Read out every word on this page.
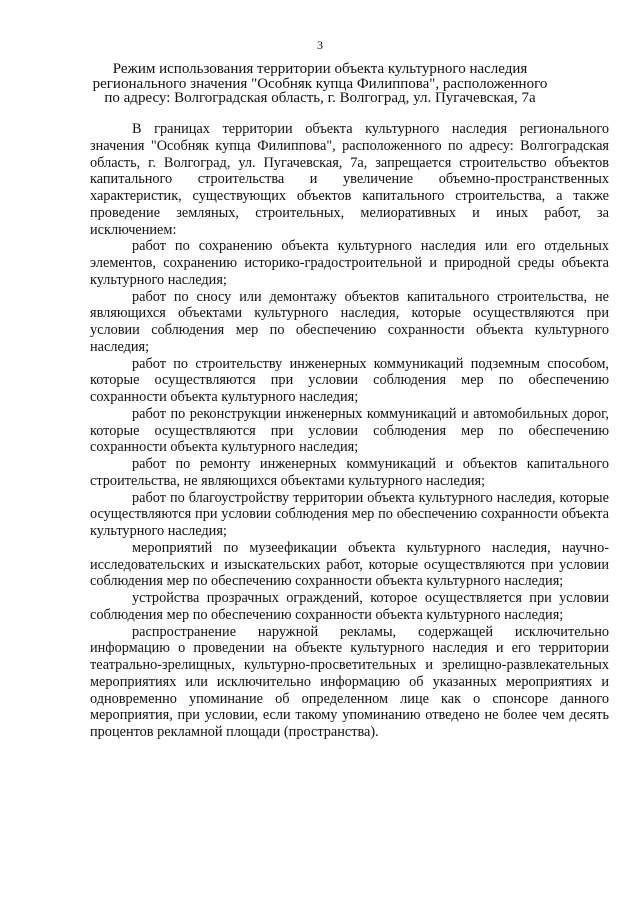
3
Режим использования территории объекта культурного наследия
регионального значения "Особняк купца Филиппова", расположенного
по адресу: Волгоградская область, г. Волгоград, ул. Пугачевская, 7а

В границах территории объекта культурного наследия регионального значения "Особняк купца Филиппова", расположенного по адресу: Волгоградская область, г. Волгоград, ул. Пугачевская, 7а, запрещается строительство объектов капитального строительства и увеличение объемно-пространственных характеристик, существующих объектов капитального строительства, а также проведение земляных, строительных, мелиоративных и иных работ, за исключением:

работ по сохранению объекта культурного наследия или его отдельных элементов, сохранению историко-градостроительной и природной среды объекта культурного наследия;

работ по сносу или демонтажу объектов капитального строительства, не являющихся объектами культурного наследия, которые осуществляются при условии соблюдения мер по обеспечению сохранности объекта культурного наследия;

работ по строительству инженерных коммуникаций подземным способом, которые осуществляются при условии соблюдения мер по обеспечению сохранности объекта культурного наследия;

работ по реконструкции инженерных коммуникаций и автомобильных дорог, которые осуществляются при условии соблюдения мер по обеспечению сохранности объекта культурного наследия;

работ по ремонту инженерных коммуникаций и объектов капитального строительства, не являющихся объектами культурного наследия;

работ по благоустройству территории объекта культурного наследия, которые осуществляются при условии соблюдения мер по обеспечению сохранности объекта культурного наследия;

мероприятий по музеефикации объекта культурного наследия, научно-исследовательских и изыскательских работ, которые осуществляются при условии соблюдения мер по обеспечению сохранности объекта культурного наследия;

устройства прозрачных ограждений, которое осуществляется при условии соблюдения мер по обеспечению сохранности объекта культурного наследия;

распространение наружной рекламы, содержащей исключительно информацию о проведении на объекте культурного наследия и его территории театрально-зрелищных, культурно-просветительных и зрелищно-развлекательных мероприятиях или исключительно информацию об указанных мероприятиях и одновременно упоминание об определенном лице как о спонсоре данного мероприятия, при условии, если такому упоминанию отведено не более чем десять процентов рекламной площади (пространства).
